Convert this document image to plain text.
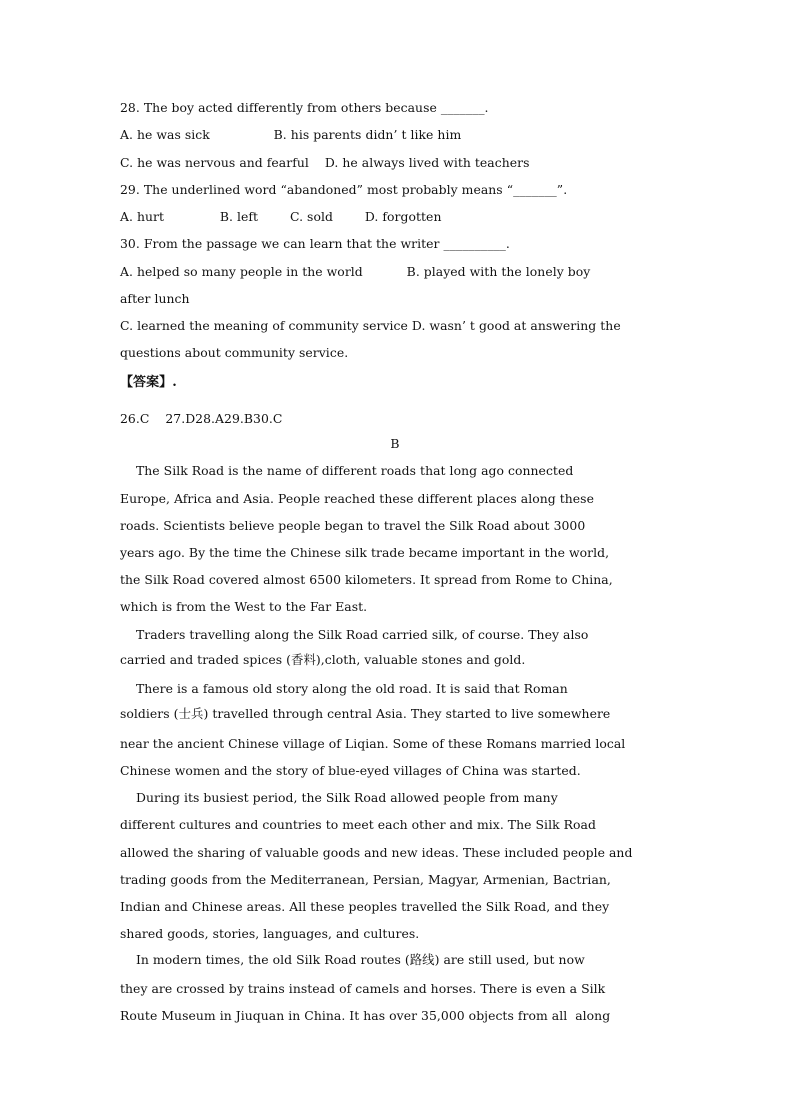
28. The boy acted differently from others because _______.
A. he was sick                B. his parents didn’ t like him
C. he was nervous and fearful    D. he always lived with teachers
29. The underlined word “abandoned” most probably means “_______”.
A. hurt              B. left        C. sold        D. forgotten
30. From the passage we can learn that the writer __________.
A. helped so many people in the world           B. played with the lonely boy
after lunch
C. learned the meaning of community service D. wasn’ t good at answering the
questions about community service.
【答案】.
26.C    27.D28.A29.B30.C
B
The Silk Road is the name of different roads that long ago connected
Europe, Africa and Asia. People reached these different places along these
roads. Scientists believe people began to travel the Silk Road about 3000
years ago. By the time the Chinese silk trade became important in the world,
the Silk Road covered almost 6500 kilometers. It spread from Rome to China,
which is from the West to the Far East.
Traders travelling along the Silk Road carried silk, of course. They also
carried and traded spices (香料),cloth, valuable stones and gold.
There is a famous old story along the old road. It is said that Roman
soldiers (士兵) travelled through central Asia. They started to live somewhere
near the ancient Chinese village of Liqian. Some of these Romans married local
Chinese women and the story of blue-eyed villages of China was started.
During its busiest period, the Silk Road allowed people from many
different cultures and countries to meet each other and mix. The Silk Road
allowed the sharing of valuable goods and new ideas. These included people and
trading goods from the Mediterranean, Persian, Magyar, Armenian, Bactrian,
Indian and Chinese areas. All these peoples travelled the Silk Road, and they
shared goods, stories, languages, and cultures.
In modern times, the old Silk Road routes (路线) are still used, but now
they are crossed by trains instead of camels and horses. There is even a Silk
Route Museum in Jiuquan in China. It has over 35,000 objects from all  along
